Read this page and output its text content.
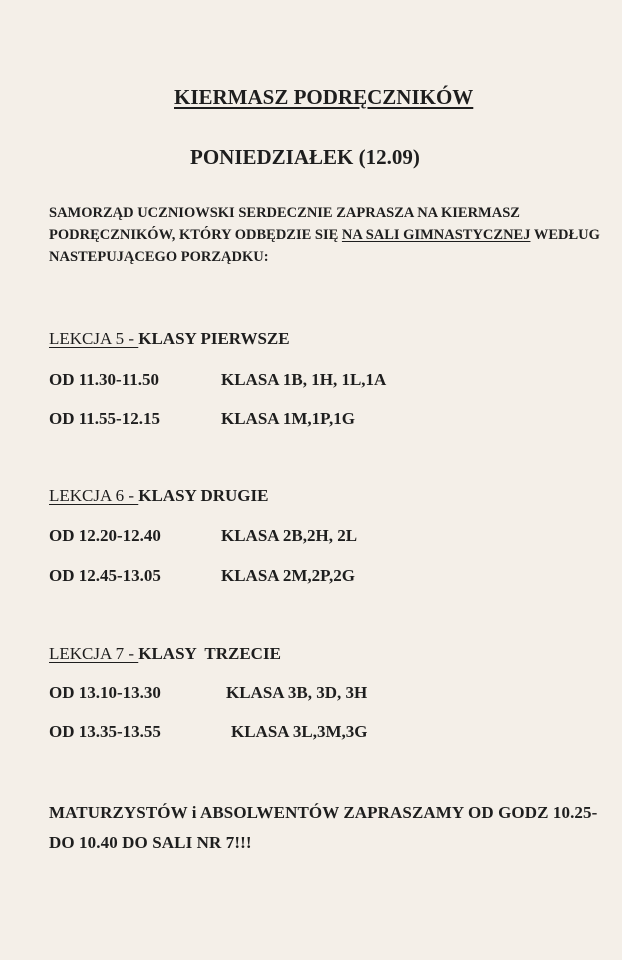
KIERMASZ PODRĘCZNIKÓW
PONIEDZIAŁEK (12.09)
SAMORZĄD UCZNIOWSKI SERDECZNIE ZAPRASZA NA KIERMASZ PODRĘCZNIKÓW, KTÓRY ODBĘDZIE SIĘ NA SALI GIMNASTYCZNEJ WEDŁUG NASTEPUJĄCEGO PORZĄDKU:
LEKCJA 5 - KLASY PIERWSZE
OD 11.30-11.50	KLASA 1B, 1H, 1L,1A
OD 11.55-12.15	KLASA 1M,1P,1G
LEKCJA 6 - KLASY DRUGIE
OD 12.20-12.40	KLASA 2B,2H, 2L
OD 12.45-13.05	KLASA 2M,2P,2G
LEKCJA 7 - KLASY  TRZECIE
OD 13.10-13.30	KLASA 3B, 3D, 3H
OD 13.35-13.55	KLASA 3L,3M,3G
MATURZYSTÓW i ABSOLWENTÓW ZAPRASZAMY OD GODZ 10.25-DO 10.40 DO SALI NR 7!!!
